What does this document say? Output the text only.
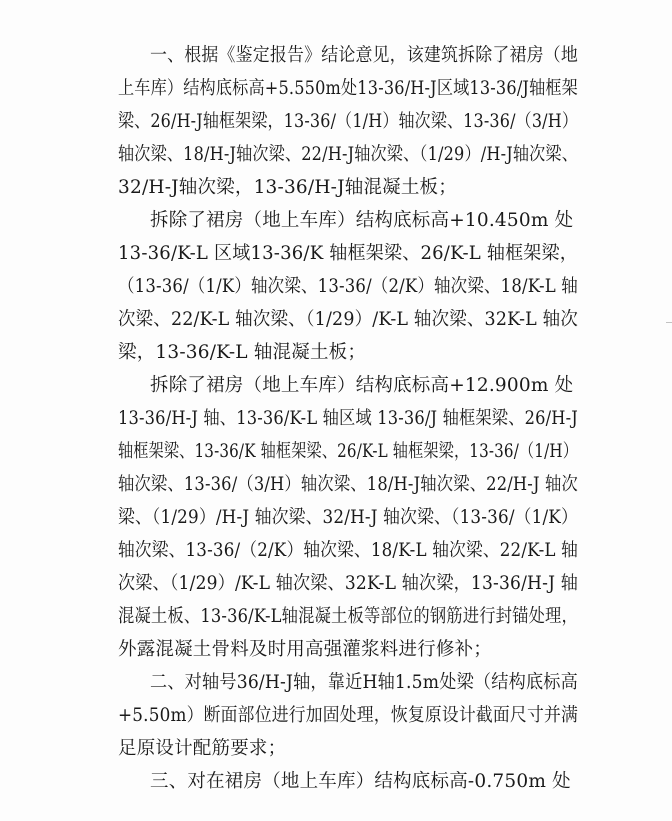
一、根据《鉴定报告》结论意见，该建筑拆除了裙房（地
上车库）结构底标高+5.550m处13-36/H-J区域13-36/J轴框架
梁、26/H-J轴框架梁，13-36/（1/H）轴次梁、13-36/（3/H）
轴次梁、18/H-J轴次梁、22/H-J轴次梁、（1/29）/H-J轴次梁、
32/H-J轴次梁，13-36/H-J轴混凝土板；
拆除了裙房（地上车库）结构底标高+10.450m 处
13-36/K-L 区域13-36/K 轴框架梁、26/K-L 轴框架梁，
（13-36/（1/K）轴次梁、13-36/（2/K）轴次梁、18/K-L 轴
次梁、22/K-L 轴次梁、（1/29）/K-L 轴次梁、32K-L 轴次
梁，13-36/K-L 轴混凝土板；
拆除了裙房（地上车库）结构底标高+12.900m 处
13-36/H-J 轴、13-36/K-L 轴区域 13-36/J 轴框架梁、26/H-J
轴框架梁、13-36/K 轴框架梁、26/K-L 轴框架梁，13-36/（1/H）
轴次梁、13-36/（3/H）轴次梁、18/H-J轴次梁、22/H-J 轴次
梁、（1/29）/H-J 轴次梁、32/H-J 轴次梁、（13-36/（1/K）
轴次梁、13-36/（2/K）轴次梁、18/K-L 轴次梁、22/K-L 轴
次梁、（1/29）/K-L 轴次梁、32K-L 轴次梁，13-36/H-J 轴
混凝土板、13-36/K-L轴混凝土板等部位的钢筋进行封锚处理，
外露混凝土骨料及时用高强灌浆料进行修补；
二、对轴号36/H-J轴，靠近H轴1.5m处梁（结构底标高
+5.50m）断面部位进行加固处理，恢复原设计截面尺寸并满
足原设计配筋要求；
三、对在裙房（地上车库）结构底标高-0.750m 处
